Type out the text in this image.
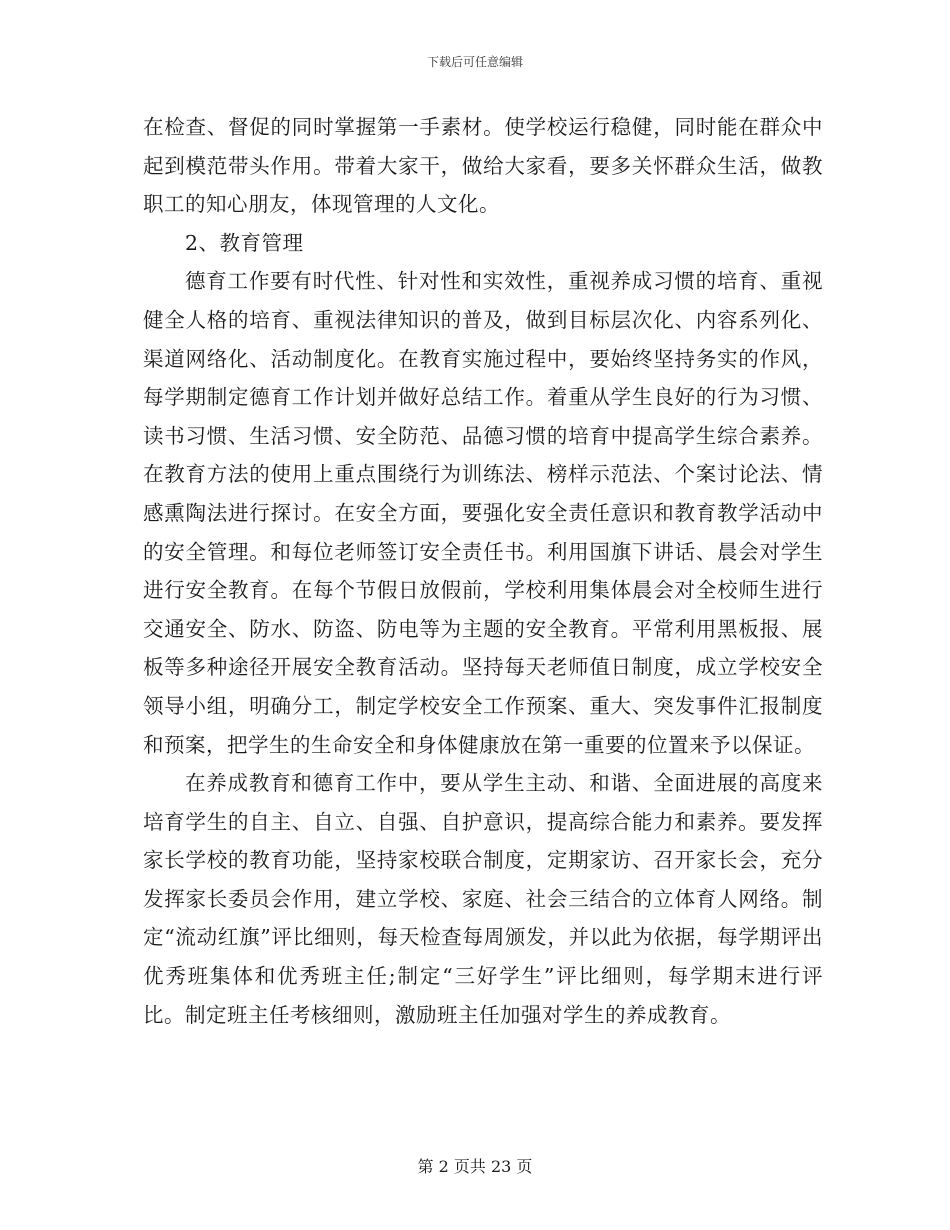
下载后可任意编辑

在检查、督促的同时掌握第一手素材。使学校运行稳健，同时能在群众中起到模范带头作用。带着大家干，做给大家看，要多关怀群众生活，做教职工的知心朋友，体现管理的人文化。

2、教育管理

德育工作要有时代性、针对性和实效性，重视养成习惯的培育、重视健全人格的培育、重视法律知识的普及，做到目标层次化、内容系列化、渠道网络化、活动制度化。在教育实施过程中，要始终坚持务实的作风，每学期制定德育工作计划并做好总结工作。着重从学生良好的行为习惯、读书习惯、生活习惯、安全防范、品德习惯的培育中提高学生综合素养。在教育方法的使用上重点围绕行为训练法、榜样示范法、个案讨论法、情感熏陶法进行探讨。在安全方面，要强化安全责任意识和教育教学活动中的安全管理。和每位老师签订安全责任书。利用国旗下讲话、晨会对学生进行安全教育。在每个节假日放假前，学校利用集体晨会对全校师生进行交通安全、防水、防盗、防电等为主题的安全教育。平常利用黑板报、展板等多种途径开展安全教育活动。坚持每天老师值日制度，成立学校安全领导小组，明确分工，制定学校安全工作预案、重大、突发事件汇报制度和预案，把学生的生命安全和身体健康放在第一重要的位置来予以保证。

在养成教育和德育工作中，要从学生主动、和谐、全面进展的高度来培育学生的自主、自立、自强、自护意识，提高综合能力和素养。要发挥家长学校的教育功能，坚持家校联合制度，定期家访、召开家长会，充分发挥家长委员会作用，建立学校、家庭、社会三结合的立体育人网络。制定“流动红旗”评比细则，每天检查每周颁发，并以此为依据，每学期评出优秀班集体和优秀班主任;制定“三好学生”评比细则，每学期末进行评比。制定班主任考核细则，激励班主任加强对学生的养成教育。

第 2 页共 23 页
